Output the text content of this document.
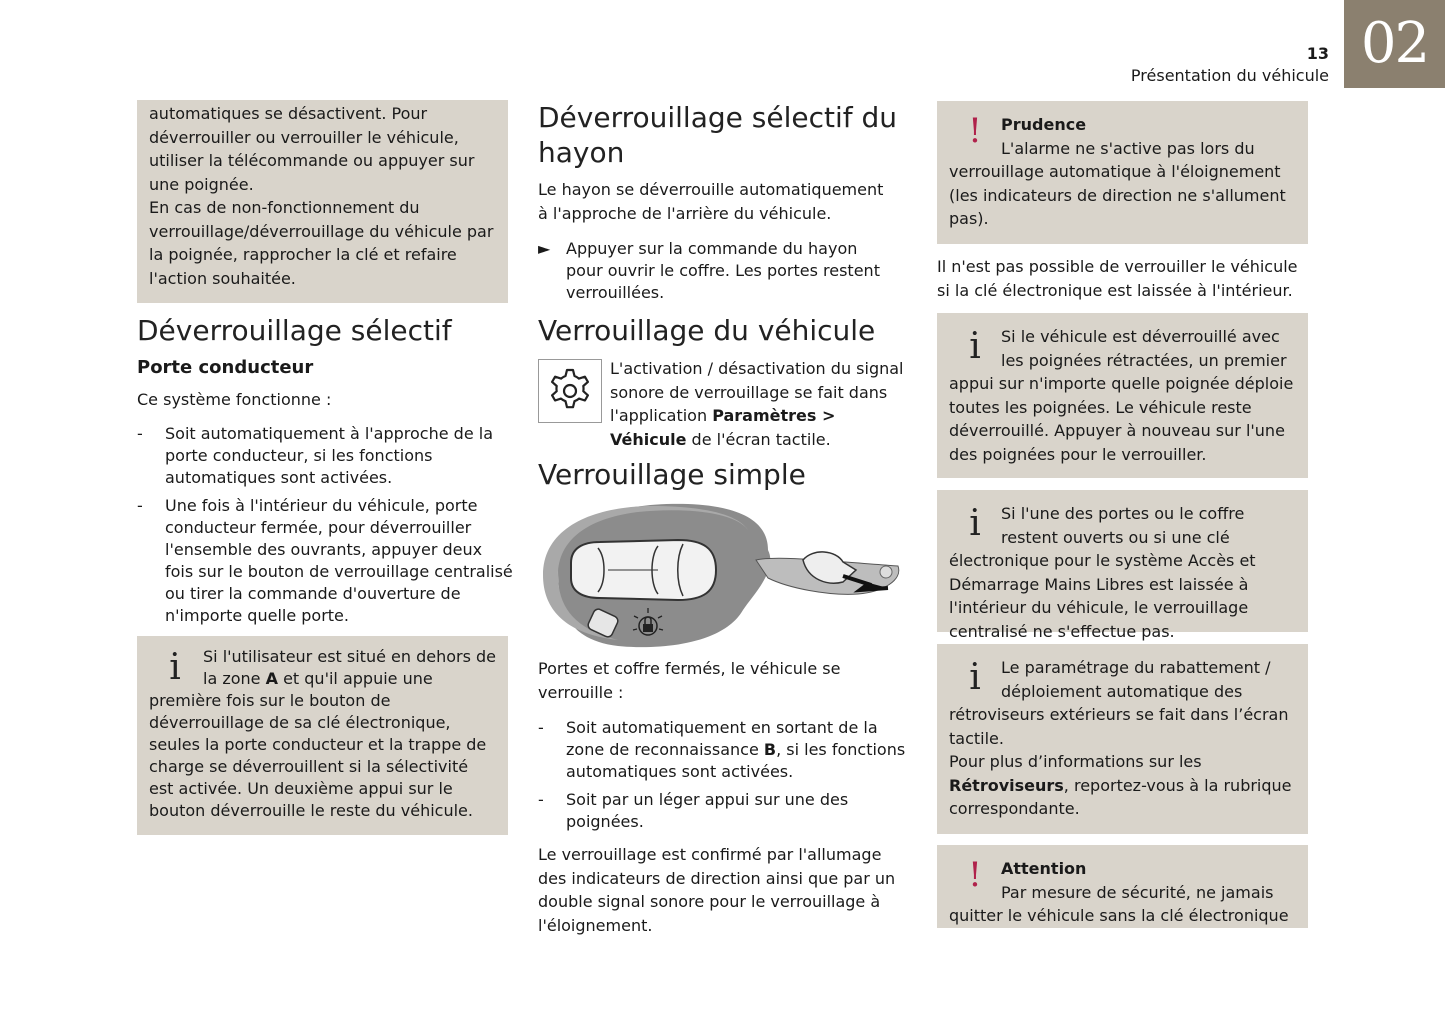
02
13
Présentation du véhicule

automatiques se désactivent. Pour

déverrouiller ou verrouiller le véhicule,

utiliser la télécommande ou appuyer sur

une poignée.

En cas de non-fonctionnement du

verrouillage/déverrouillage du véhicule par

la poignée, rapprocher la clé et refaire

l'action souhaitée.

Déverrouillage sélectif
Porte conducteur

Ce système fonctionne :

- Soit automatiquement à l'approche de la porte conducteur, si les fonctions automatiques sont activées.
- Une fois à l'intérieur du véhicule, porte conducteur fermée, pour déverrouiller l'ensemble des ouvrants, appuyer deux fois sur le bouton de verrouillage centralisé ou tirer la commande d'ouverture de n'importe quelle porte.
i	Si l'utilisateur est situé en dehors de la zone A et qu'il appuie une première fois sur le bouton de déverrouillage de sa clé électronique, seules la porte conducteur et la trappe de charge se déverrouillent si la sélectivité est activée. Un deuxième appui sur le bouton déverrouille le reste du véhicule.
Déverrouillage sélectif du hayon

Le hayon se déverrouille automatiquement à l'approche de l'arrière du véhicule.

► Appuyer sur la commande du hayon pour ouvrir le coffre. Les portes restent verrouillées.
Verrouillage du véhicule

L'activation / désactivation du signal sonore de verrouillage se fait dans l'application Paramètres > Véhicule de l'écran tactile.

Verrouillage simple

Portes et coffre fermés, le véhicule se verrouille :

- Soit automatiquement en sortant de la zone de reconnaissance B, si les fonctions automatiques sont activées.
- Soit par un léger appui sur une des poignées.

Le verrouillage est confirmé par l'allumage des indicateurs de direction ainsi que par un double signal sonore pour le verrouillage à l'éloignement.

!	Prudence

L'alarme ne s'active pas lors du verrouillage automatique à l'éloignement (les indicateurs de direction ne s'allument pas).

Il n'est pas possible de verrouiller le véhicule si la clé électronique est laissée à l'intérieur.

i	Si le véhicule est déverrouillé avec les poignées rétractées, un premier appui sur n'importe quelle poignée déploie toutes les poignées. Le véhicule reste déverrouillé. Appuyer à nouveau sur l'une des poignées pour le verrouiller.
i	Si l'une des portes ou le coffre restent ouverts ou si une clé électronique pour le système Accès et Démarrage Mains Libres est laissée à l'intérieur du véhicule, le verrouillage centralisé ne s'effectue pas.
i	Le paramétrage du rabattement / déploiement automatique des rétroviseurs extérieurs se fait dans l’écran tactile.

Pour plus d’informations sur les Rétroviseurs, reportez-vous à la rubrique correspondante.

!	Attention

Par mesure de sécurité, ne jamais quitter le véhicule sans la clé électronique
